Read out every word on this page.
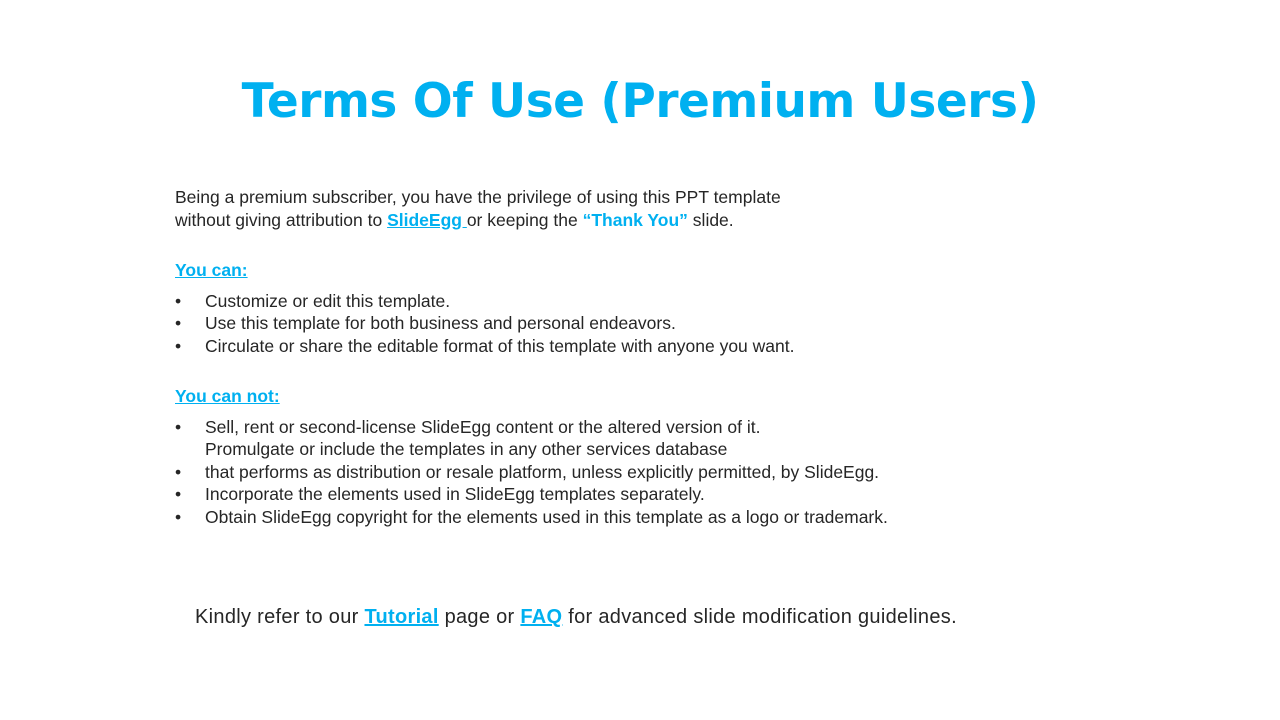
Terms Of Use (Premium Users)

Being a premium subscriber, you have the privilege of using this PPT template
without giving attribution to SlideEgg or keeping the “Thank You” slide.

You can:
• Customize or edit this template.
• Use this template for both business and personal endeavors.
• Circulate or share the editable format of this template with anyone you want.
You can not:
• Sell, rent or second-license SlideEgg content or the altered version of it.
Promulgate or include the templates in any other services database
• that performs as distribution or resale platform, unless explicitly permitted, by SlideEgg.
• Incorporate the elements used in SlideEgg templates separately.
• Obtain SlideEgg copyright for the elements used in this template as a logo or trademark.
Kindly refer to our Tutorial page or FAQ for advanced slide modification guidelines.
